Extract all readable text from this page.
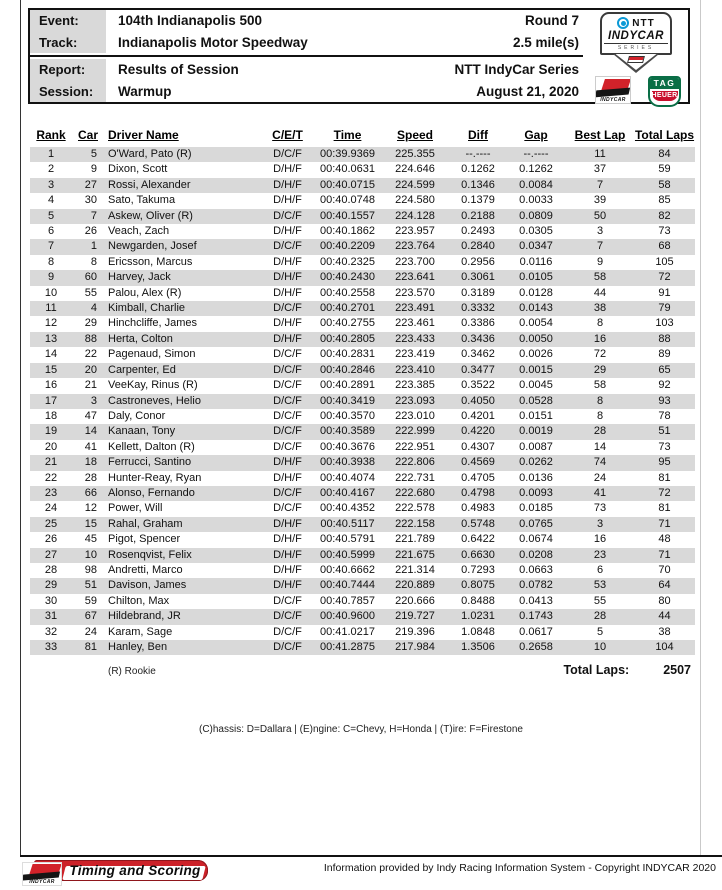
Event:	104th Indianapolis 500	Round 7
Track:	Indianapolis Motor Speedway	2.5 mile(s)
Report:	Results of Session	NTT IndyCar Series
Session:	Warmup	August 21, 2020
NTT
INDYCAR
SERIES
INDYCAR
TAG
HEUER
Rank	Car	Driver Name	C/E/T	Time	Speed	Diff	Gap	Best Lap	Total Laps
1	5	O'Ward, Pato (R)	D/C/F	00:39.9369	225.355	--.----	--.----	11	84
2	9	Dixon, Scott	D/H/F	00:40.0631	224.646	0.1262	0.1262	37	59
3	27	Rossi, Alexander	D/H/F	00:40.0715	224.599	0.1346	0.0084	7	58
4	30	Sato, Takuma	D/H/F	00:40.0748	224.580	0.1379	0.0033	39	85
5	7	Askew, Oliver (R)	D/C/F	00:40.1557	224.128	0.2188	0.0809	50	82
6	26	Veach, Zach	D/H/F	00:40.1862	223.957	0.2493	0.0305	3	73
7	1	Newgarden, Josef	D/C/F	00:40.2209	223.764	0.2840	0.0347	7	68
8	8	Ericsson, Marcus	D/H/F	00:40.2325	223.700	0.2956	0.0116	9	105
9	60	Harvey, Jack	D/H/F	00:40.2430	223.641	0.3061	0.0105	58	72
10	55	Palou, Alex (R)	D/H/F	00:40.2558	223.570	0.3189	0.0128	44	91
11	4	Kimball, Charlie	D/C/F	00:40.2701	223.491	0.3332	0.0143	38	79
12	29	Hinchcliffe, James	D/H/F	00:40.2755	223.461	0.3386	0.0054	8	103
13	88	Herta, Colton	D/H/F	00:40.2805	223.433	0.3436	0.0050	16	88
14	22	Pagenaud, Simon	D/C/F	00:40.2831	223.419	0.3462	0.0026	72	89
15	20	Carpenter, Ed	D/C/F	00:40.2846	223.410	0.3477	0.0015	29	65
16	21	VeeKay, Rinus (R)	D/C/F	00:40.2891	223.385	0.3522	0.0045	58	92
17	3	Castroneves, Helio	D/C/F	00:40.3419	223.093	0.4050	0.0528	8	93
18	47	Daly, Conor	D/C/F	00:40.3570	223.010	0.4201	0.0151	8	78
19	14	Kanaan, Tony	D/C/F	00:40.3589	222.999	0.4220	0.0019	28	51
20	41	Kellett, Dalton (R)	D/C/F	00:40.3676	222.951	0.4307	0.0087	14	73
21	18	Ferrucci, Santino	D/H/F	00:40.3938	222.806	0.4569	0.0262	74	95
22	28	Hunter-Reay, Ryan	D/H/F	00:40.4074	222.731	0.4705	0.0136	24	81
23	66	Alonso, Fernando	D/C/F	00:40.4167	222.680	0.4798	0.0093	41	72
24	12	Power, Will	D/C/F	00:40.4352	222.578	0.4983	0.0185	73	81
25	15	Rahal, Graham	D/H/F	00:40.5117	222.158	0.5748	0.0765	3	71
26	45	Pigot, Spencer	D/H/F	00:40.5791	221.789	0.6422	0.0674	16	48
27	10	Rosenqvist, Felix	D/H/F	00:40.5999	221.675	0.6630	0.0208	23	71
28	98	Andretti, Marco	D/H/F	00:40.6662	221.314	0.7293	0.0663	6	70
29	51	Davison, James	D/H/F	00:40.7444	220.889	0.8075	0.0782	53	64
30	59	Chilton, Max	D/C/F	00:40.7857	220.666	0.8488	0.0413	55	80
31	67	Hildebrand, JR	D/C/F	00:40.9600	219.727	1.0231	0.1743	28	44
32	24	Karam, Sage	D/C/F	00:41.0217	219.396	1.0848	0.0617	5	38
33	81	Hanley, Ben	D/C/F	00:41.2875	217.984	1.3506	0.2658	10	104
(R) Rookie	Total Laps:	2507
(C)hassis: D=Dallara | (E)ngine: C=Chevy, H=Honda | (T)ire: F=Firestone
Timing and Scoring
INDYCAR
Information provided by Indy Racing Information System - Copyright INDYCAR 2020
